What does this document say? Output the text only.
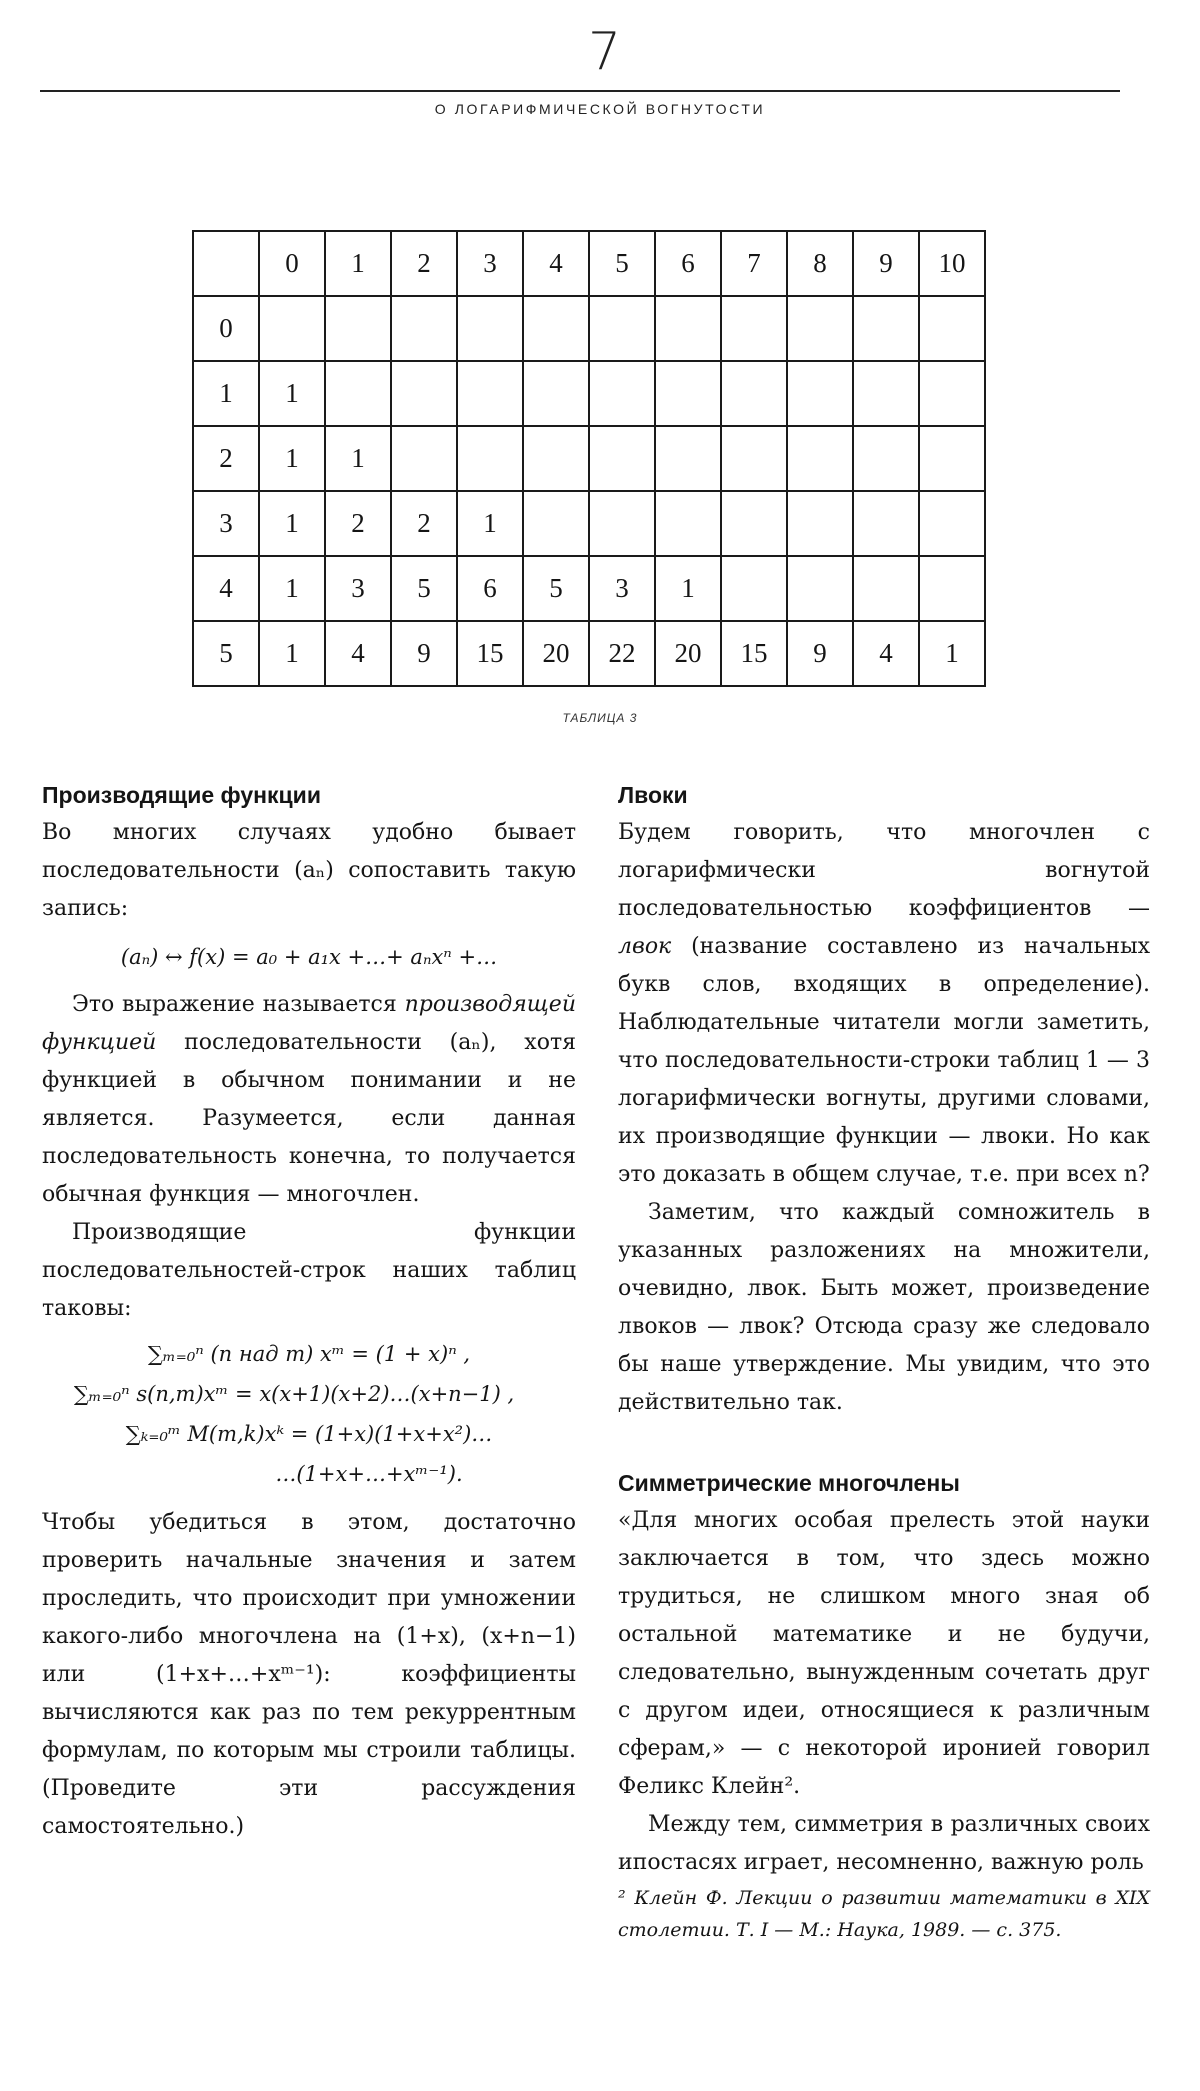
7
О ЛОГАРИФМИЧЕСКОЙ ВОГНУТОСТИ
	0	1	2	3	4	5	6	7	8	9	10
0											
1	1										
2	1	1									
3	1	2	2	1							
4	1	3	5	6	5	3	1				
5	1	4	9	15	20	22	20	15	9	4	1
ТАБЛИЦА 3
Производящие функции

Во многих случаях удобно бывает последовательности (aₙ) сопоставить такую запись:

(aₙ) ↔ f(x) = a₀ + a₁x +…+ aₙxⁿ +…

Это выражение называется производящей функцией последовательности (aₙ), хотя функцией в обычном понимании и не является. Разумеется, если данная последовательность конечна, то получается обычная функция — многочлен.

Производящие функции последовательностей-строк наших таблиц таковы:

∑ₘ₌₀ⁿ (n над m) xᵐ = (1 + x)ⁿ ,
∑ₘ₌₀ⁿ s(n,m)xᵐ = x(x+1)(x+2)…(x+n−1) ,
∑ₖ₌₀ᵐ M(m,k)xᵏ = (1+x)(1+x+x²)…
…(1+x+…+xᵐ⁻¹).

Чтобы убедиться в этом, достаточно проверить начальные значения и затем проследить, что происходит при умножении какого-либо многочлена на (1+x), (x+n−1) или (1+x+…+xᵐ⁻¹): коэффициенты вычисляются как раз по тем рекуррентным формулам, по которым мы строили таблицы. (Проведите эти рассуждения самостоятельно.)

Лвоки

Будем говорить, что многочлен с логарифмически вогнутой последовательностью коэффициентов — лвок (название составлено из начальных букв слов, входящих в определение). Наблюдательные читатели могли заметить, что последовательности-строки таблиц 1 — 3 логарифмически вогнуты, другими словами, их производящие функции — лвоки. Но как это доказать в общем случае, т.е. при всех n?

Заметим, что каждый сомножитель в указанных разложениях на множители, очевидно, лвок. Быть может, произведение лвоков — лвок? Отсюда сразу же следовало бы наше утверждение. Мы увидим, что это действительно так.

Симметрические многочлены

«Для многих особая прелесть этой науки заключается в том, что здесь можно трудиться, не слишком много зная об остальной математике и не будучи, следовательно, вынужденным сочетать друг с другом идеи, относящиеся к различным сферам,» — с некоторой иронией говорил Феликс Клейн².

Между тем, симметрия в различных своих ипостасях играет, несомненно, важную роль

² Клейн Ф. Лекции о развитии математики в XIX столетии. Т. I — М.: Наука, 1989. — с. 375.
